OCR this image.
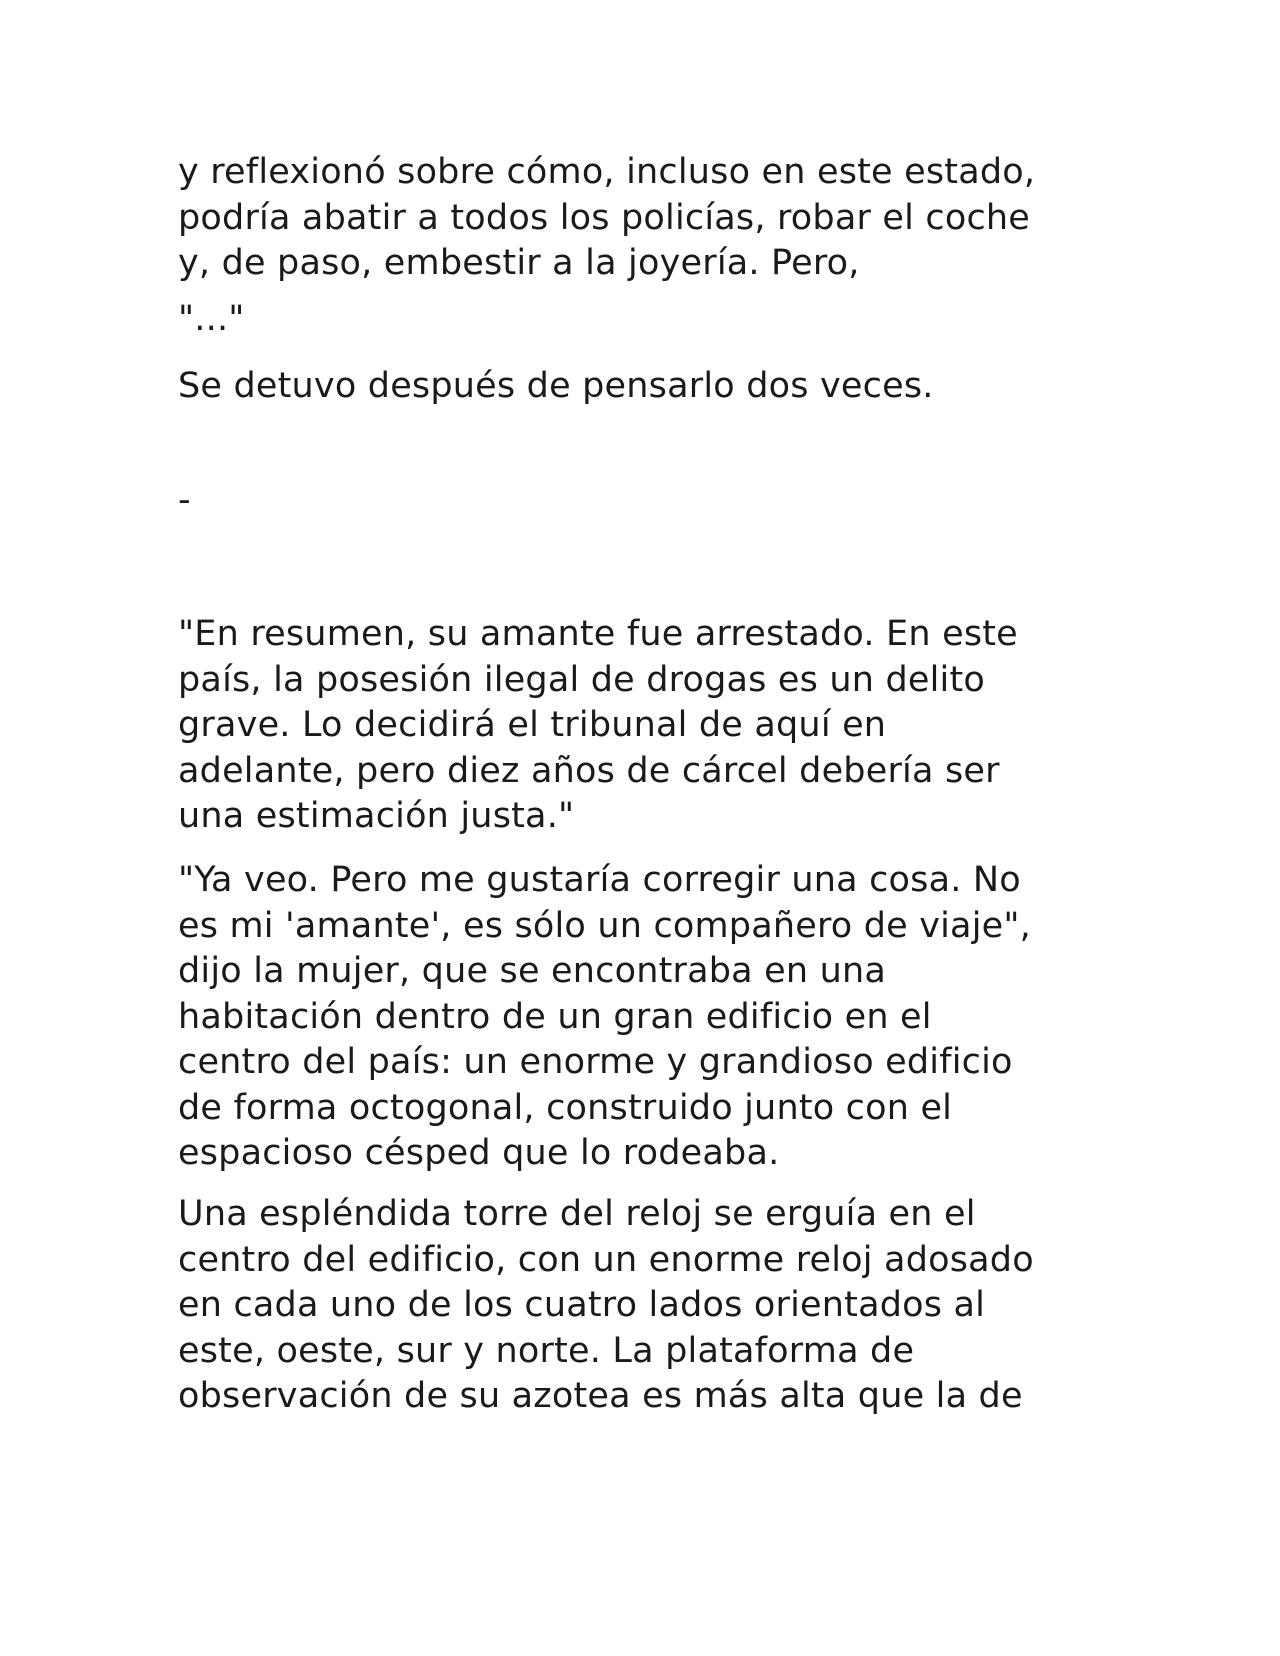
y reflexionó sobre cómo, incluso en este estado,
podría abatir a todos los policías, robar el coche
y, de paso, embestir a la joyería. Pero,

"..."

Se detuvo después de pensarlo dos veces.

-

"En resumen, su amante fue arrestado. En este
país, la posesión ilegal de drogas es un delito
grave. Lo decidirá el tribunal de aquí en
adelante, pero diez años de cárcel debería ser
una estimación justa."

"Ya veo. Pero me gustaría corregir una cosa. No
es mi 'amante', es sólo un compañero de viaje",
dijo la mujer, que se encontraba en una
habitación dentro de un gran edificio en el
centro del país: un enorme y grandioso edificio
de forma octogonal, construido junto con el
espacioso césped que lo rodeaba.

Una espléndida torre del reloj se erguía en el
centro del edificio, con un enorme reloj adosado
en cada uno de los cuatro lados orientados al
este, oeste, sur y norte. La plataforma de
observación de su azotea es más alta que la de
